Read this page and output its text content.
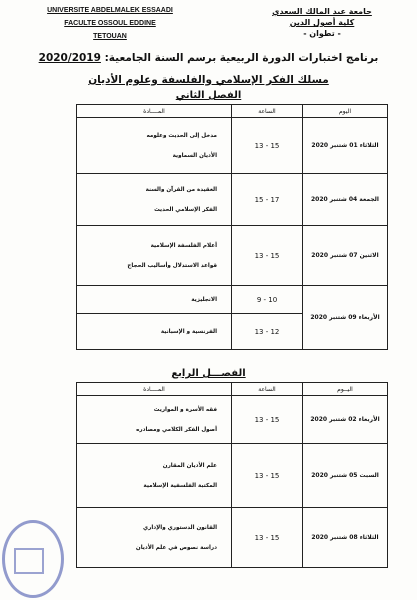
UNIVERSITE ABDELMALEK ESSAADI
FACULTE OSSOUL EDDINE
TETOUAN
جامعة عبد المالك السعدي
كلية أصول الدين
- تطوان -
برنامج اختبارات الدورة الربيعية برسم السنة الجامعية: 2020/2019
مسلك الفكر الإسلامي والفلسفة وعلوم الأديان
الفصل الثاني
اليوم	الساعة	المــــادة
الثلاثاء 01 شتنبر 2020	13 - 15	مدخل إلى الحديث وعلومه
الأديان السماوية

الجمعة 04 شتنبر 2020	15 - 17	العقيدة من القرآن والسنة
الفكر الإسلامي الحديث

الاثنين 07 شتنبر 2020	13 - 15	أعلام الفلسفة الإسلامية
قواعد الاستدلال وأساليب الحجاج

الأربعاء 09 شتنبر 2020	9 - 10	الانجليزية

	13 - 12	الفرنسية و الإسبانية
الفصـــل الرابع
اليــوم	الساعة	المــــادة
الأربعاء 02 شتنبر 2020	13 - 15	فقه الأسرة و المواريث
أصول الفكر الكلامي ومصادره

السبت 05 شتنبر 2020	13 - 15	علم الأديان المقارن
المكتبة الفلسفية الإسلامية

الثلاثاء 08 شتنبر 2020	13 - 15	القانون الدستوري والإداري
دراسة نصوص في علم الأديان
